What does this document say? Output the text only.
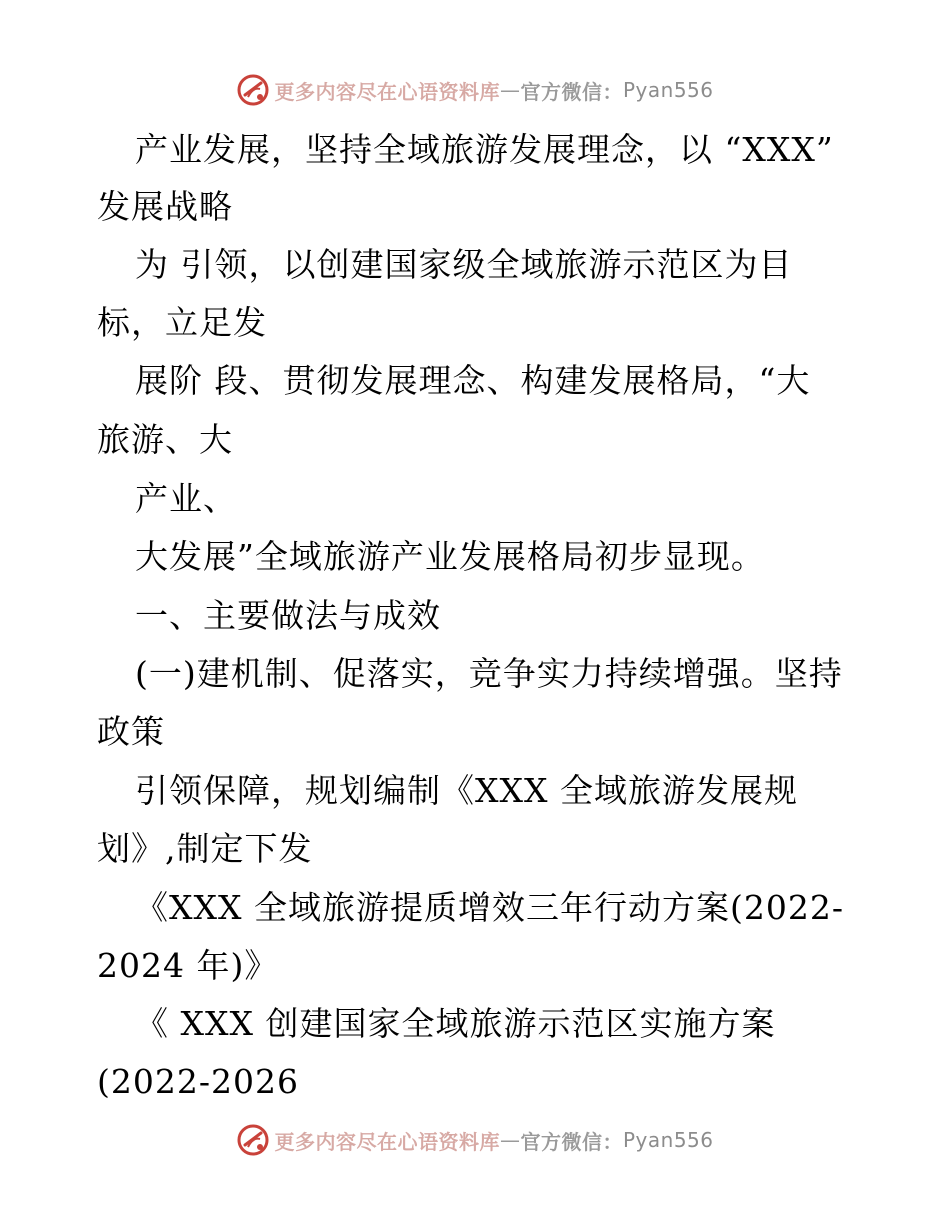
更多内容尽在心语资料库 — 官方微信： Pyan556
产业发展，坚持全域旅游发展理念，以 “XXX”
发展战略
为 引领，以创建国家级全域旅游示范区为目
标，立足发
展阶 段、贯彻发展理念、构建发展格局，“大
旅游、大
产业、
大发展”全域旅游产业发展格局初步显现。
一、主要做法与成效
(一)建机制、促落实，竞争实力持续增强。坚持
政策
引领保障，规划编制《XXX 全域旅游发展规
划》,制定下发
《XXX 全域旅游提质增效三年行动方案(2022-
2024 年)》
《 XXX 创建国家全域旅游示范区实施方案
(2022-2026
更多内容尽在心语资料库 — 官方微信： Pyan556
